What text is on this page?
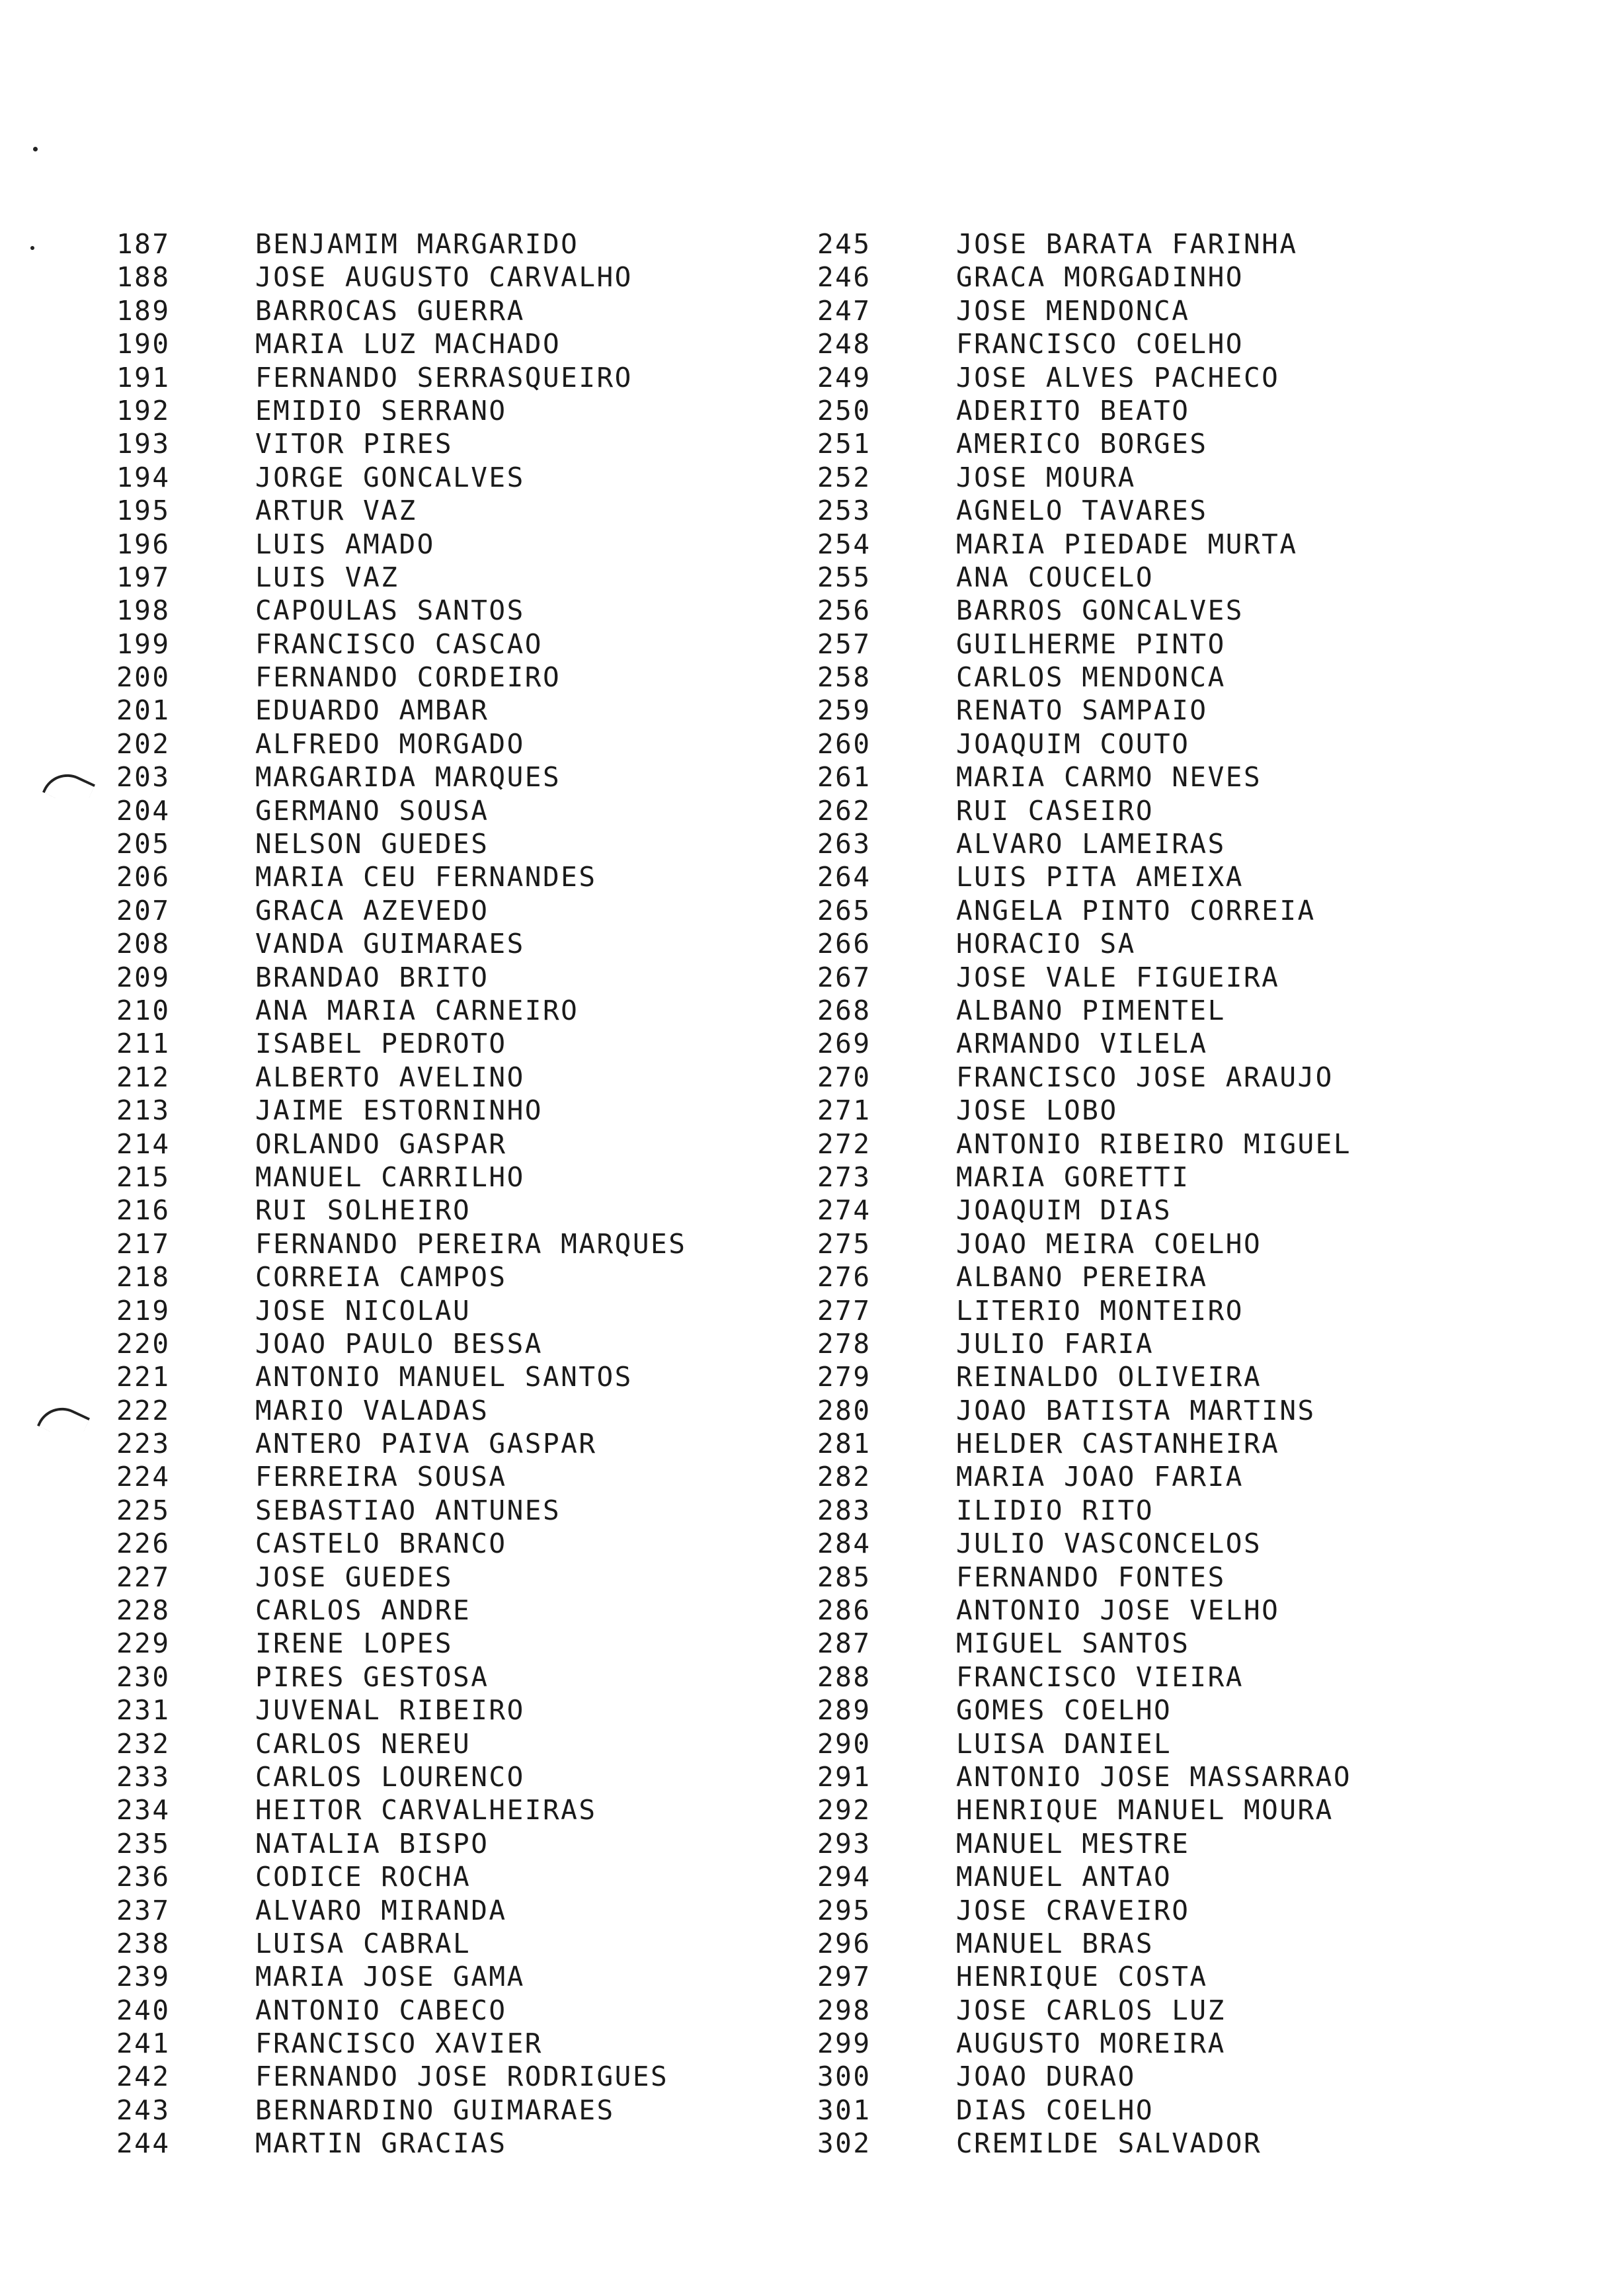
187	BENJAMIM MARGARIDO
188	JOSE AUGUSTO CARVALHO
189	BARROCAS GUERRA
190	MARIA LUZ MACHADO
191	FERNANDO SERRASQUEIRO
192	EMIDIO SERRANO
193	VITOR PIRES
194	JORGE GONCALVES
195	ARTUR VAZ
196	LUIS AMADO
197	LUIS VAZ
198	CAPOULAS SANTOS
199	FRANCISCO CASCAO
200	FERNANDO CORDEIRO
201	EDUARDO AMBAR
202	ALFREDO MORGADO
203	MARGARIDA MARQUES
204	GERMANO SOUSA
205	NELSON GUEDES
206	MARIA CEU FERNANDES
207	GRACA AZEVEDO
208	VANDA GUIMARAES
209	BRANDAO BRITO
210	ANA MARIA CARNEIRO
211	ISABEL PEDROTO
212	ALBERTO AVELINO
213	JAIME ESTORNINHO
214	ORLANDO GASPAR
215	MANUEL CARRILHO
216	RUI SOLHEIRO
217	FERNANDO PEREIRA MARQUES
218	CORREIA CAMPOS
219	JOSE NICOLAU
220	JOAO PAULO BESSA
221	ANTONIO MANUEL SANTOS
222	MARIO VALADAS
223	ANTERO PAIVA GASPAR
224	FERREIRA SOUSA
225	SEBASTIAO ANTUNES
226	CASTELO BRANCO
227	JOSE GUEDES
228	CARLOS ANDRE
229	IRENE LOPES
230	PIRES GESTOSA
231	JUVENAL RIBEIRO
232	CARLOS NEREU
233	CARLOS LOURENCO
234	HEITOR CARVALHEIRAS
235	NATALIA BISPO
236	CODICE ROCHA
237	ALVARO MIRANDA
238	LUISA CABRAL
239	MARIA JOSE GAMA
240	ANTONIO CABECO
241	FRANCISCO XAVIER
242	FERNANDO JOSE RODRIGUES
243	BERNARDINO GUIMARAES
244	MARTIN GRACIAS
245	JOSE BARATA FARINHA
246	GRACA MORGADINHO
247	JOSE MENDONCA
248	FRANCISCO COELHO
249	JOSE ALVES PACHECO
250	ADERITO BEATO
251	AMERICO BORGES
252	JOSE MOURA
253	AGNELO TAVARES
254	MARIA PIEDADE MURTA
255	ANA COUCELO
256	BARROS GONCALVES
257	GUILHERME PINTO
258	CARLOS MENDONCA
259	RENATO SAMPAIO
260	JOAQUIM COUTO
261	MARIA CARMO NEVES
262	RUI CASEIRO
263	ALVARO LAMEIRAS
264	LUIS PITA AMEIXA
265	ANGELA PINTO CORREIA
266	HORACIO SA
267	JOSE VALE FIGUEIRA
268	ALBANO PIMENTEL
269	ARMANDO VILELA
270	FRANCISCO JOSE ARAUJO
271	JOSE LOBO
272	ANTONIO RIBEIRO MIGUEL
273	MARIA GORETTI
274	JOAQUIM DIAS
275	JOAO MEIRA COELHO
276	ALBANO PEREIRA
277	LITERIO MONTEIRO
278	JULIO FARIA
279	REINALDO OLIVEIRA
280	JOAO BATISTA MARTINS
281	HELDER CASTANHEIRA
282	MARIA JOAO FARIA
283	ILIDIO RITO
284	JULIO VASCONCELOS
285	FERNANDO FONTES
286	ANTONIO JOSE VELHO
287	MIGUEL SANTOS
288	FRANCISCO VIEIRA
289	GOMES COELHO
290	LUISA DANIEL
291	ANTONIO JOSE MASSARRAO
292	HENRIQUE MANUEL MOURA
293	MANUEL MESTRE
294	MANUEL ANTAO
295	JOSE CRAVEIRO
296	MANUEL BRAS
297	HENRIQUE COSTA
298	JOSE CARLOS LUZ
299	AUGUSTO MOREIRA
300	JOAO DURAO
301	DIAS COELHO
302	CREMILDE SALVADOR
